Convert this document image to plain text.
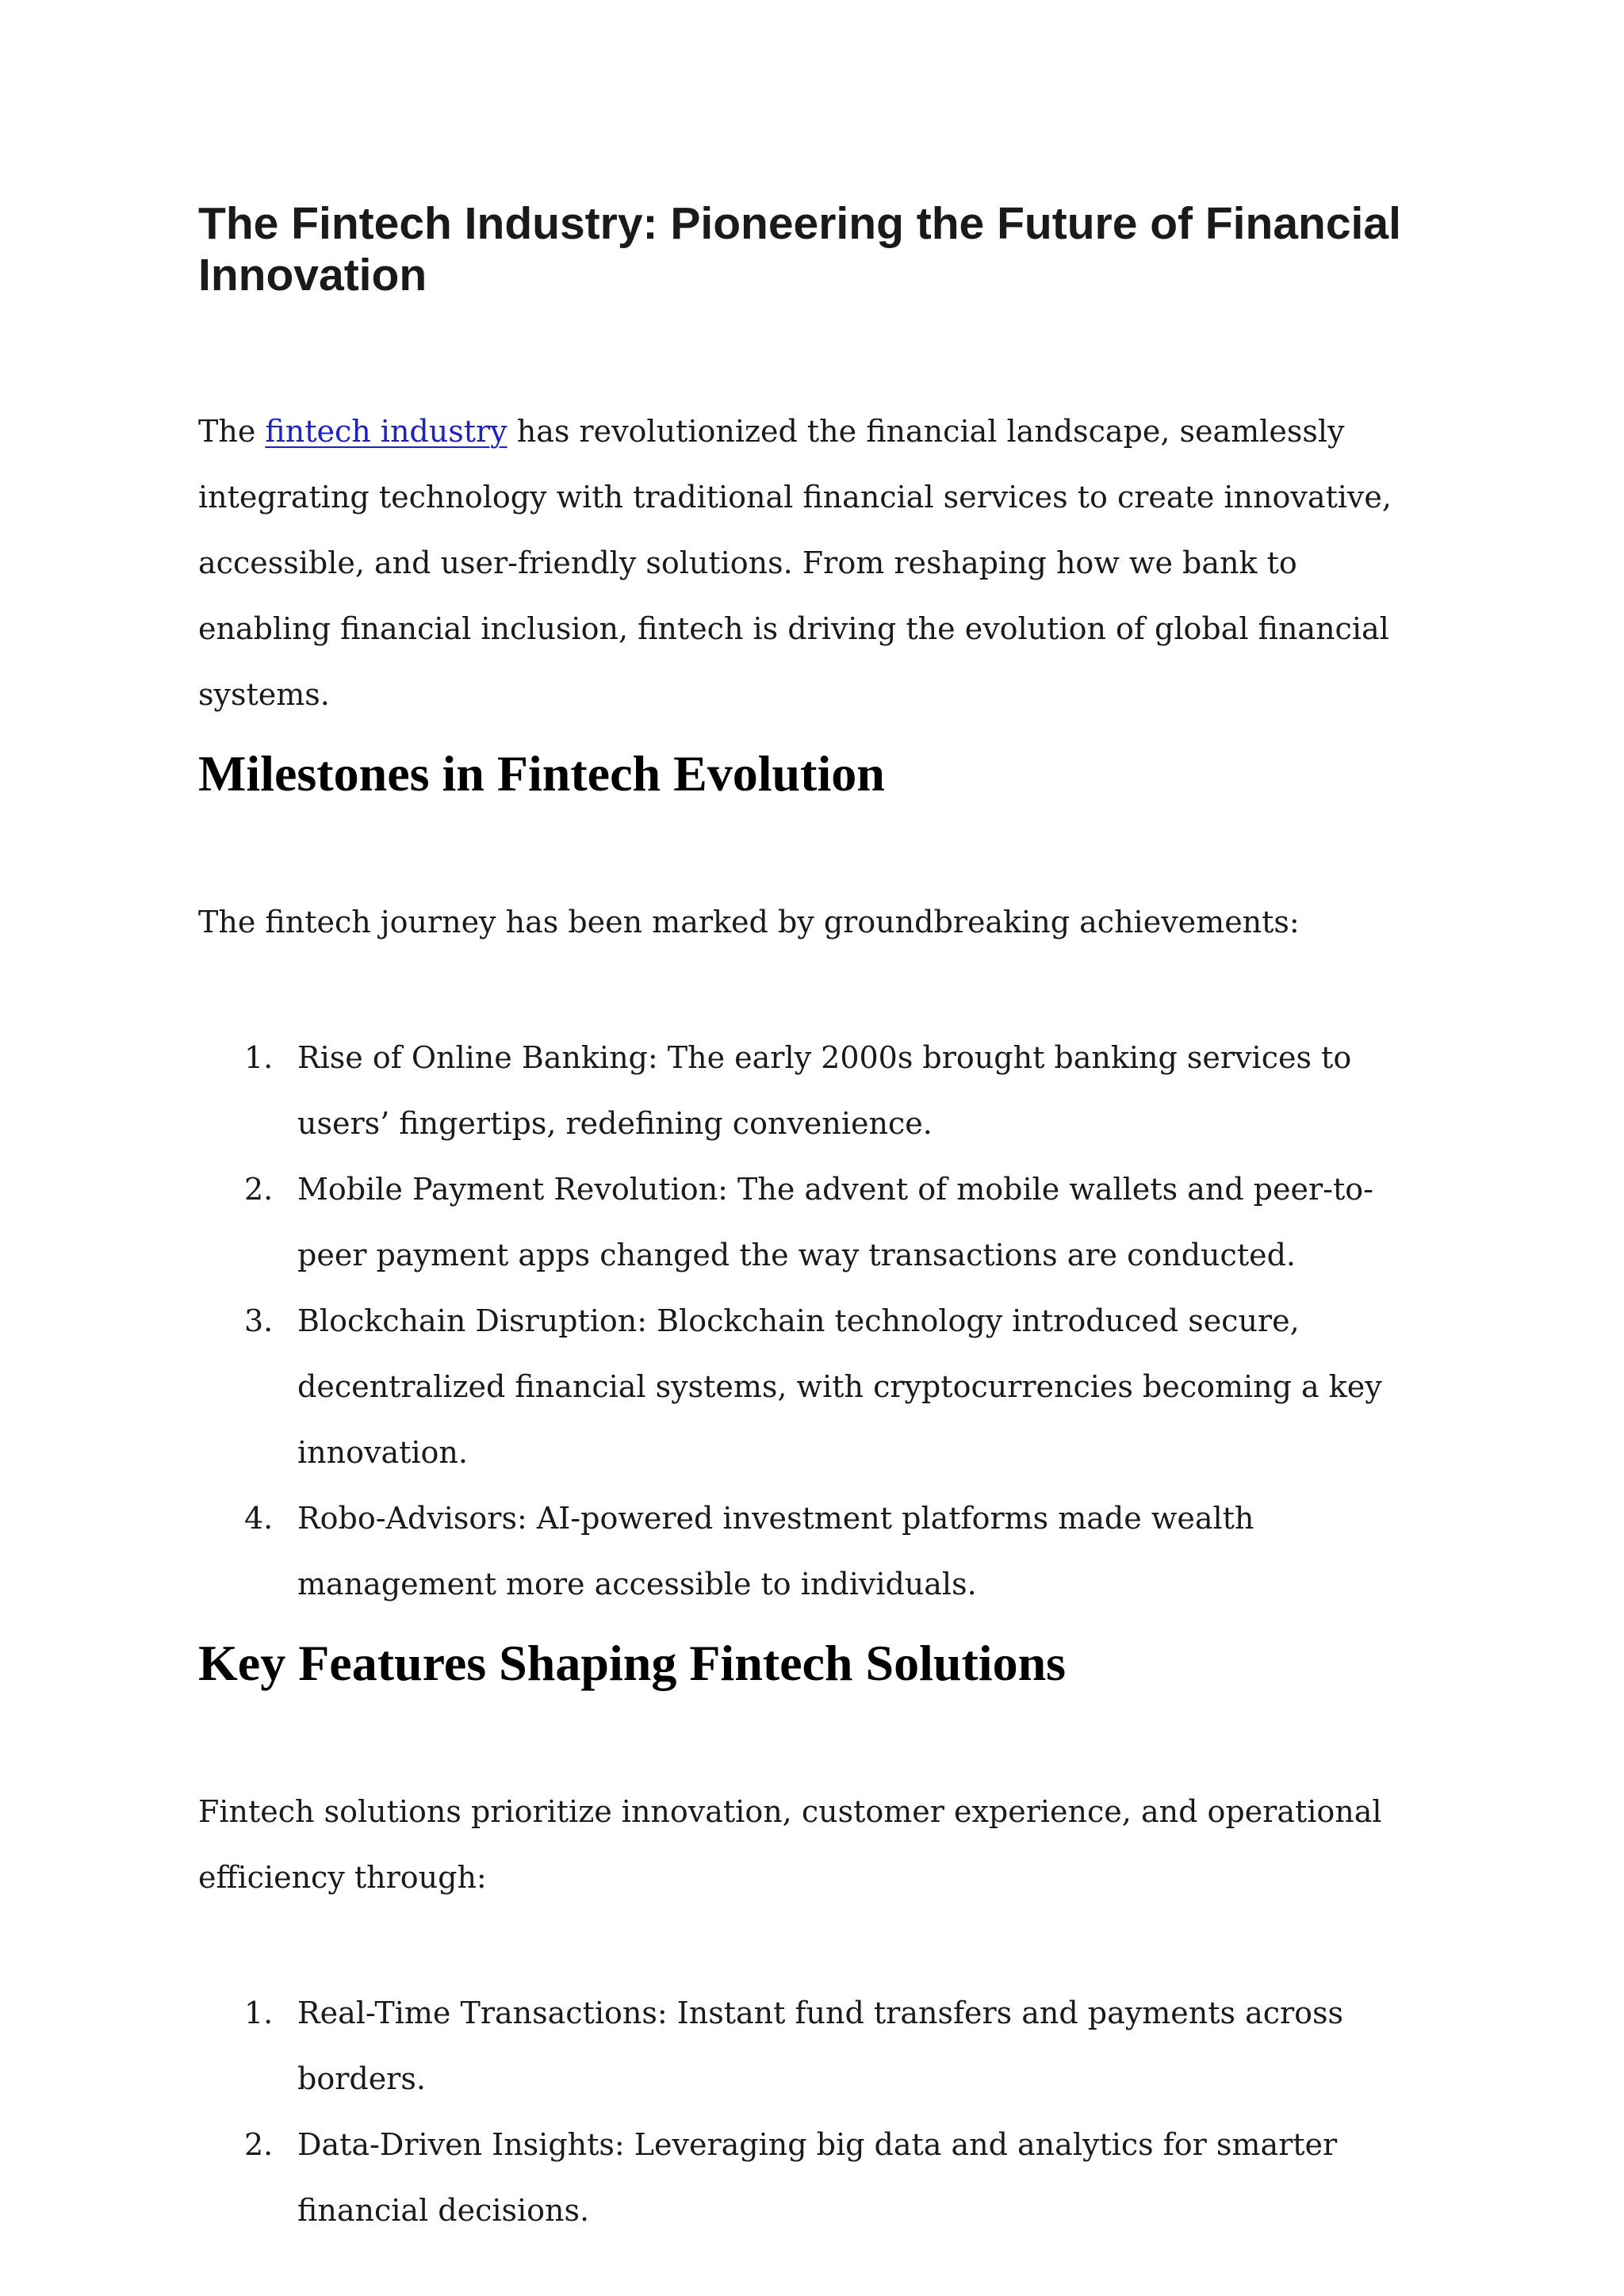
The Fintech Industry: Pioneering the Future of Financial Innovation

The fintech industry has revolutionized the financial landscape, seamlessly integrating technology with traditional financial services to create innovative, accessible, and user-friendly solutions. From reshaping how we bank to enabling financial inclusion, fintech is driving the evolution of global financial systems.

Milestones in Fintech Evolution

The fintech journey has been marked by groundbreaking achievements:

1. Rise of Online Banking: The early 2000s brought banking services to users’ fingertips, redefining convenience.
2. Mobile Payment Revolution: The advent of mobile wallets and peer-to-peer payment apps changed the way transactions are conducted.
3. Blockchain Disruption: Blockchain technology introduced secure, decentralized financial systems, with cryptocurrencies becoming a key innovation.
4. Robo-Advisors: AI-powered investment platforms made wealth management more accessible to individuals.
Key Features Shaping Fintech Solutions

Fintech solutions prioritize innovation, customer experience, and operational efficiency through:

1. Real-Time Transactions: Instant fund transfers and payments across borders.
2. Data-Driven Insights: Leveraging big data and analytics for smarter financial decisions.
